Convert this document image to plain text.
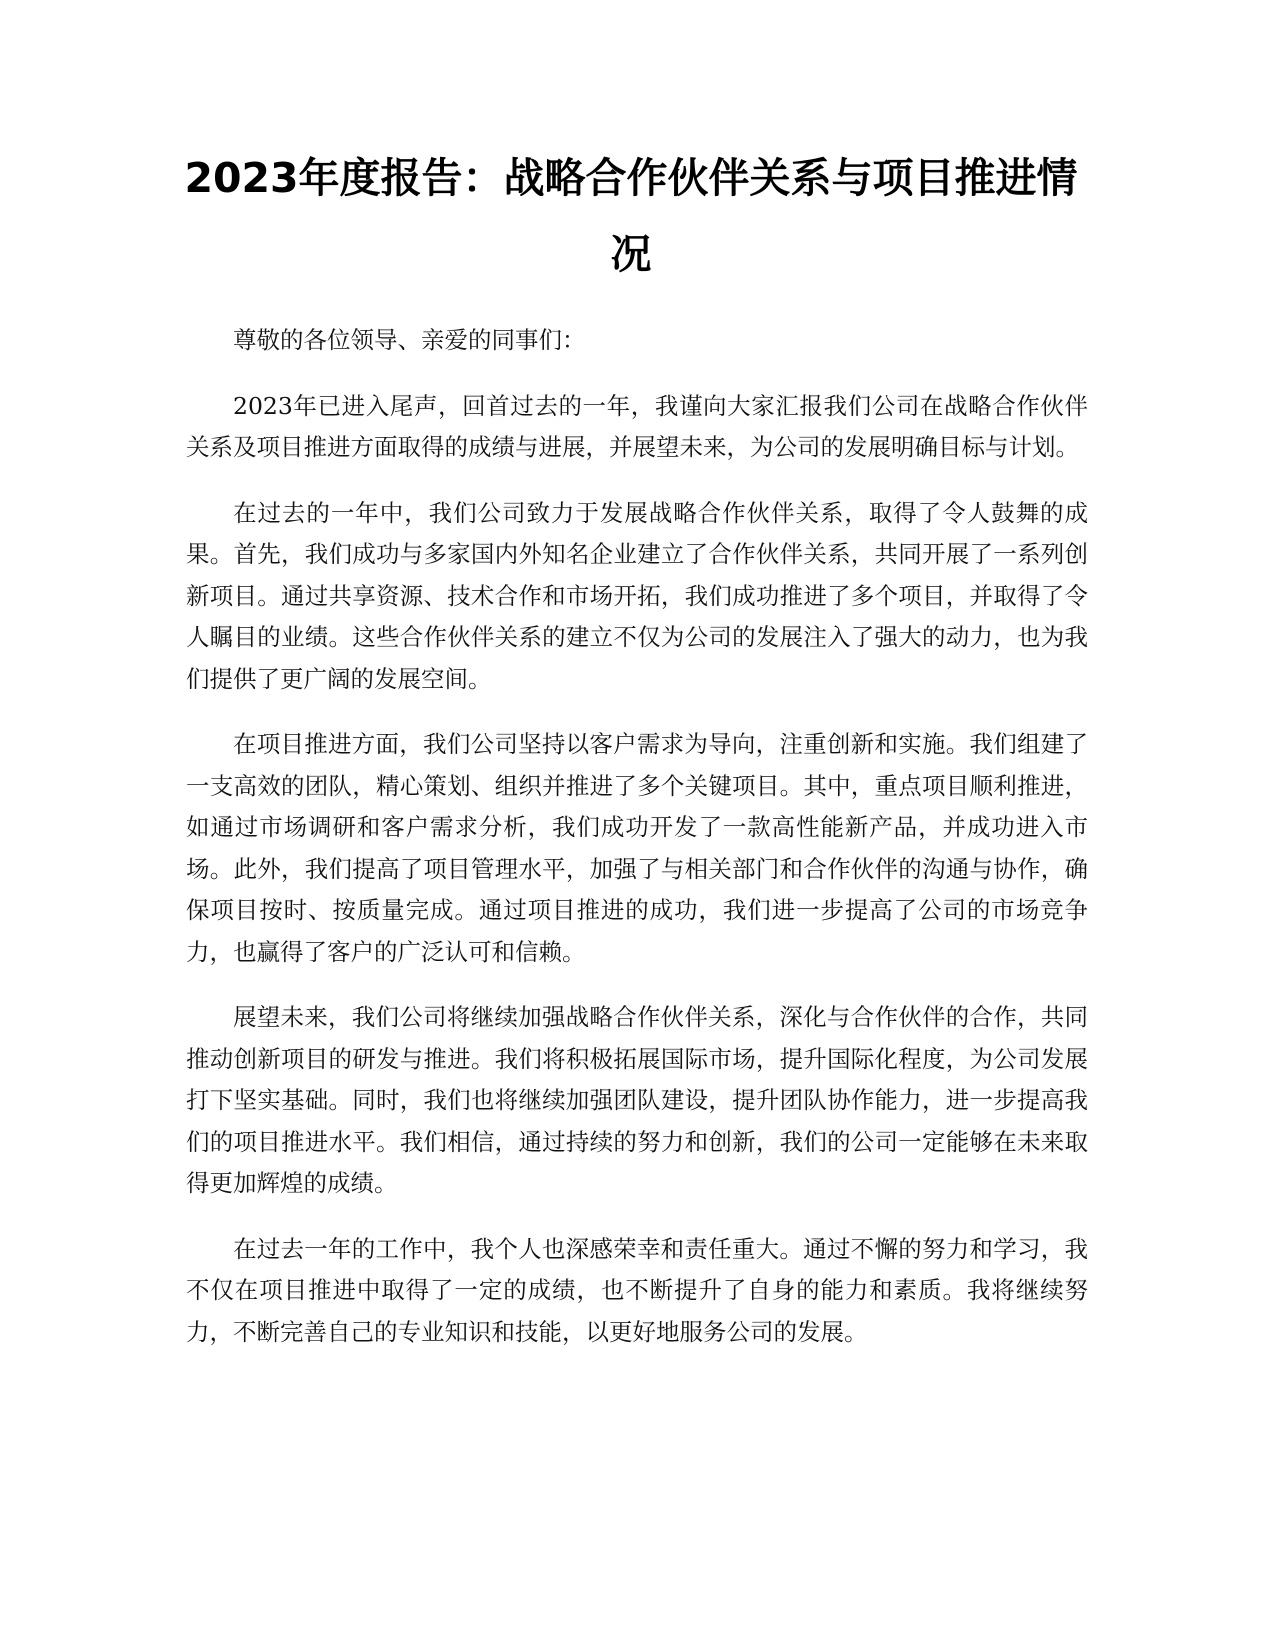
2023年度报告：战略合作伙伴关系与项目推进情况

尊敬的各位领导、亲爱的同事们：

2023年已进入尾声，回首过去的一年，我谨向大家汇报我们公司在战略合作伙伴关系及项目推进方面取得的成绩与进展，并展望未来，为公司的发展明确目标与计划。

在过去的一年中，我们公司致力于发展战略合作伙伴关系，取得了令人鼓舞的成果。首先，我们成功与多家国内外知名企业建立了合作伙伴关系，共同开展了一系列创新项目。通过共享资源、技术合作和市场开拓，我们成功推进了多个项目，并取得了令人瞩目的业绩。这些合作伙伴关系的建立不仅为公司的发展注入了强大的动力，也为我们提供了更广阔的发展空间。

在项目推进方面，我们公司坚持以客户需求为导向，注重创新和实施。我们组建了一支高效的团队，精心策划、组织并推进了多个关键项目。其中，重点项目顺利推进，如通过市场调研和客户需求分析，我们成功开发了一款高性能新产品，并成功进入市场。此外，我们提高了项目管理水平，加强了与相关部门和合作伙伴的沟通与协作，确保项目按时、按质量完成。通过项目推进的成功，我们进一步提高了公司的市场竞争力，也赢得了客户的广泛认可和信赖。

展望未来，我们公司将继续加强战略合作伙伴关系，深化与合作伙伴的合作，共同推动创新项目的研发与推进。我们将积极拓展国际市场，提升国际化程度，为公司发展打下坚实基础。同时，我们也将继续加强团队建设，提升团队协作能力，进一步提高我们的项目推进水平。我们相信，通过持续的努力和创新，我们的公司一定能够在未来取得更加辉煌的成绩。

在过去一年的工作中，我个人也深感荣幸和责任重大。通过不懈的努力和学习，我不仅在项目推进中取得了一定的成绩，也不断提升了自身的能力和素质。我将继续努力，不断完善自己的专业知识和技能，以更好地服务公司的发展。
